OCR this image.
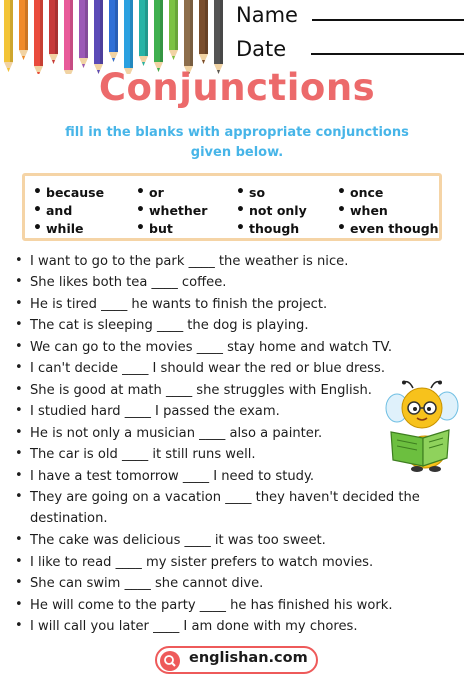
Name
Date
Conjunctions
fill in the blanks with appropriate conjunctions
given below.
• because	• or	• so	• once
• and	• whether	• not only	• when
• while	• but	• though	• even though
• I want to go to the park ____ the weather is nice.
• She likes both tea ____ coffee.
• He is tired ____ he wants to finish the project.
• The cat is sleeping ____ the dog is playing.
• We can go to the movies ____ stay home and watch TV.
• I can't decide ____ I should wear the red or blue dress.
• She is good at math ____ she struggles with English.
• I studied hard ____ I passed the exam.
• He is not only a musician ____ also a painter.
• The car is old ____ it still runs well.
• I have a test tomorrow ____ I need to study.
• They are going on a vacation ____ they haven't decided the
destination.
• The cake was delicious ____ it was too sweet.
• I like to read ____ my sister prefers to watch movies.
• She can swim ____ she cannot dive.
• He will come to the party ____ he has finished his work.
• I will call you later ____ I am done with my chores.
englishan.com
